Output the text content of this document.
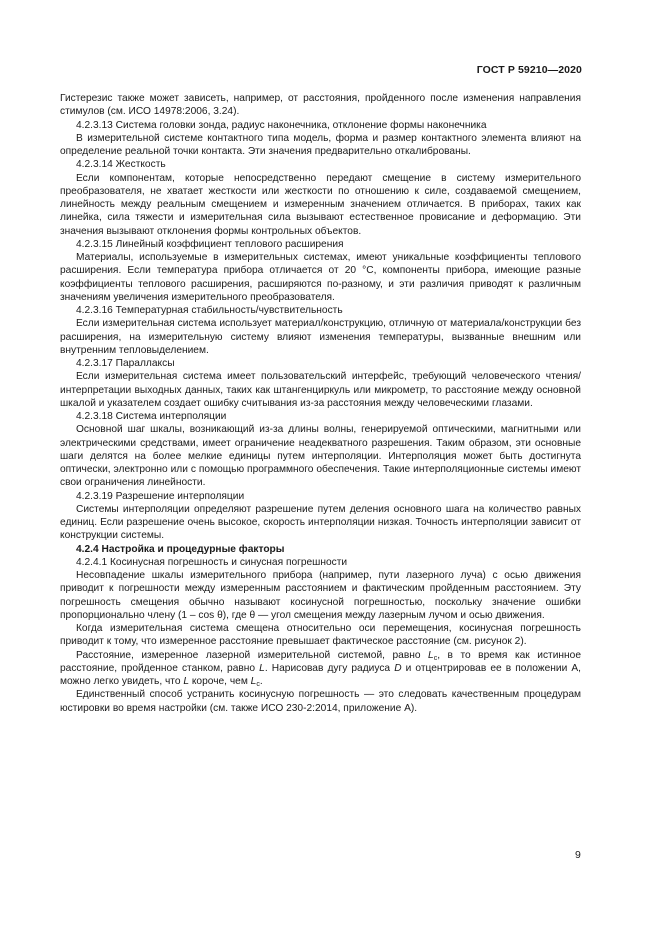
ГОСТ Р 59210—2020

Гистерезис также может зависеть, например, от расстояния, пройденного после изменения направления стимулов (см. ИСО 14978:2006, 3.24).

4.2.3.13 Система головки зонда, радиус наконечника, отклонение формы наконечника

В измерительной системе контактного типа модель, форма и размер контактного элемента влияют на определение реальной точки контакта. Эти значения предварительно откалиброваны.

4.2.3.14 Жесткость

Если компонентам, которые непосредственно передают смещение в систему измерительного преобразователя, не хватает жесткости или жесткости по отношению к силе, создаваемой смещением, линейность между реальным смещением и измеренным значением отличается. В приборах, таких как линейка, сила тяжести и измерительная сила вызывают естественное провисание и деформацию. Эти значения вызывают отклонения формы контрольных объектов.

4.2.3.15 Линейный коэффициент теплового расширения

Материалы, используемые в измерительных системах, имеют уникальные коэффициенты теплового расширения. Если температура прибора отличается от 20 °C, компоненты прибора, имеющие разные коэффициенты теплового расширения, расширяются по-разному, и эти различия приводят к различным значениям увеличения измерительного преобразователя.

4.2.3.16 Температурная стабильность/чувствительность

Если измерительная система использует материал/конструкцию, отличную от материала/конструкции без расширения, на измерительную систему влияют изменения температуры, вызванные внешним или внутренним тепловыделением.

4.2.3.17 Параллаксы

Если измерительная система имеет пользовательский интерфейс, требующий человеческого чтения/интерпретации выходных данных, таких как штангенциркуль или микрометр, то расстояние между основной шкалой и указателем создает ошибку считывания из-за расстояния между человеческими глазами.

4.2.3.18 Система интерполяции

Основной шаг шкалы, возникающий из-за длины волны, генерируемой оптическими, магнитными или электрическими средствами, имеет ограничение неадекватного разрешения. Таким образом, эти основные шаги делятся на более мелкие единицы путем интерполяции. Интерполяция может быть достигнута оптически, электронно или с помощью программного обеспечения. Такие интерполяционные системы имеют свои ограничения линейности.

4.2.3.19 Разрешение интерполяции

Системы интерполяции определяют разрешение путем деления основного шага на количество равных единиц. Если разрешение очень высокое, скорость интерполяции низкая. Точность интерполяции зависит от конструкции системы.

4.2.4 Настройка и процедурные факторы

4.2.4.1 Косинусная погрешность и синусная погрешности

Несовпадение шкалы измерительного прибора (например, пути лазерного луча) с осью движения приводит к погрешности между измеренным расстоянием и фактическим пройденным расстоянием. Эту погрешность смещения обычно называют косинусной погрешностью, поскольку значение ошибки пропорционально члену (1 – cos θ), где θ — угол смещения между лазерным лучом и осью движения.

Когда измерительная система смещена относительно оси перемещения, косинусная погрешность приводит к тому, что измеренное расстояние превышает фактическое расстояние (см. рисунок 2).

Расстояние, измеренное лазерной измерительной системой, равно $L_c$, в то время как истинное расстояние, пройденное станком, равно L. Нарисовав дугу радиуса D и отцентрировав ее в положении А, можно легко увидеть, что L короче, чем $L_c$.

Единственный способ устранить косинусную погрешность — это следовать качественным процедурам юстировки во время настройки (см. также ИСО 230-2:2014, приложение А).

9
